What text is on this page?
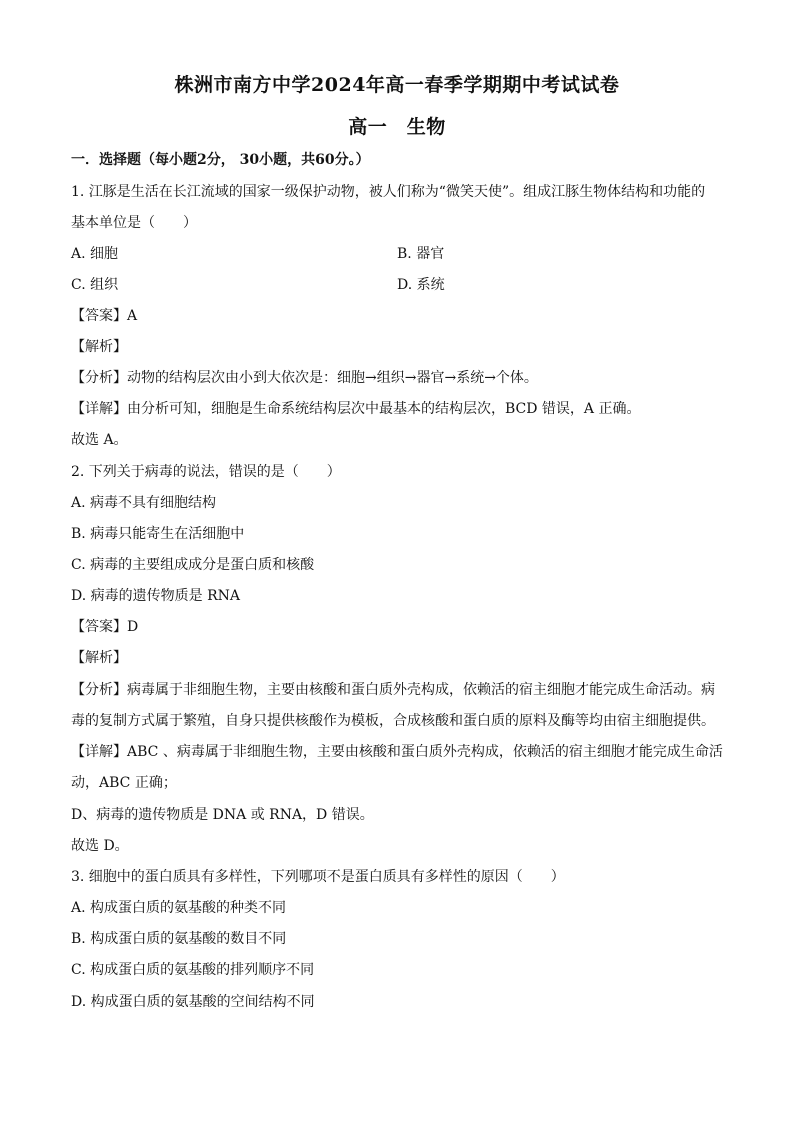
株洲市南方中学2024年高一春季学期期中考试试卷
高一　生物
一．选择题（每小题2分， 30小题，共60分。）
1. 江豚是生活在长江流域的国家一级保护动物，被人们称为“微笑天使”。组成江豚生物体结构和功能的
基本单位是（　　）
A. 细胞	B. 器官
C. 组织	D. 系统
【答案】A
【解析】
【分析】动物的结构层次由小到大依次是：细胞→组织→器官→系统→个体。
【详解】由分析可知，细胞是生命系统结构层次中最基本的结构层次，BCD 错误，A 正确。
故选 A。
2. 下列关于病毒的说法，错误的是（　　）
A. 病毒不具有细胞结构
B. 病毒只能寄生在活细胞中
C. 病毒的主要组成成分是蛋白质和核酸
D. 病毒的遗传物质是 RNA
【答案】D
【解析】
【分析】病毒属于非细胞生物，主要由核酸和蛋白质外壳构成，依赖活的宿主细胞才能完成生命活动。病
毒的复制方式属于繁殖，自身只提供核酸作为模板，合成核酸和蛋白质的原料及酶等均由宿主细胞提供。
【详解】ABC 、病毒属于非细胞生物，主要由核酸和蛋白质外壳构成，依赖活的宿主细胞才能完成生命活
动，ABC 正确；
D、病毒的遗传物质是 DNA 或 RNA，D 错误。
故选 D。
3. 细胞中的蛋白质具有多样性，下列哪项不是蛋白质具有多样性的原因（　　）
A. 构成蛋白质的氨基酸的种类不同
B. 构成蛋白质的氨基酸的数目不同
C. 构成蛋白质的氨基酸的排列顺序不同
D. 构成蛋白质的氨基酸的空间结构不同
